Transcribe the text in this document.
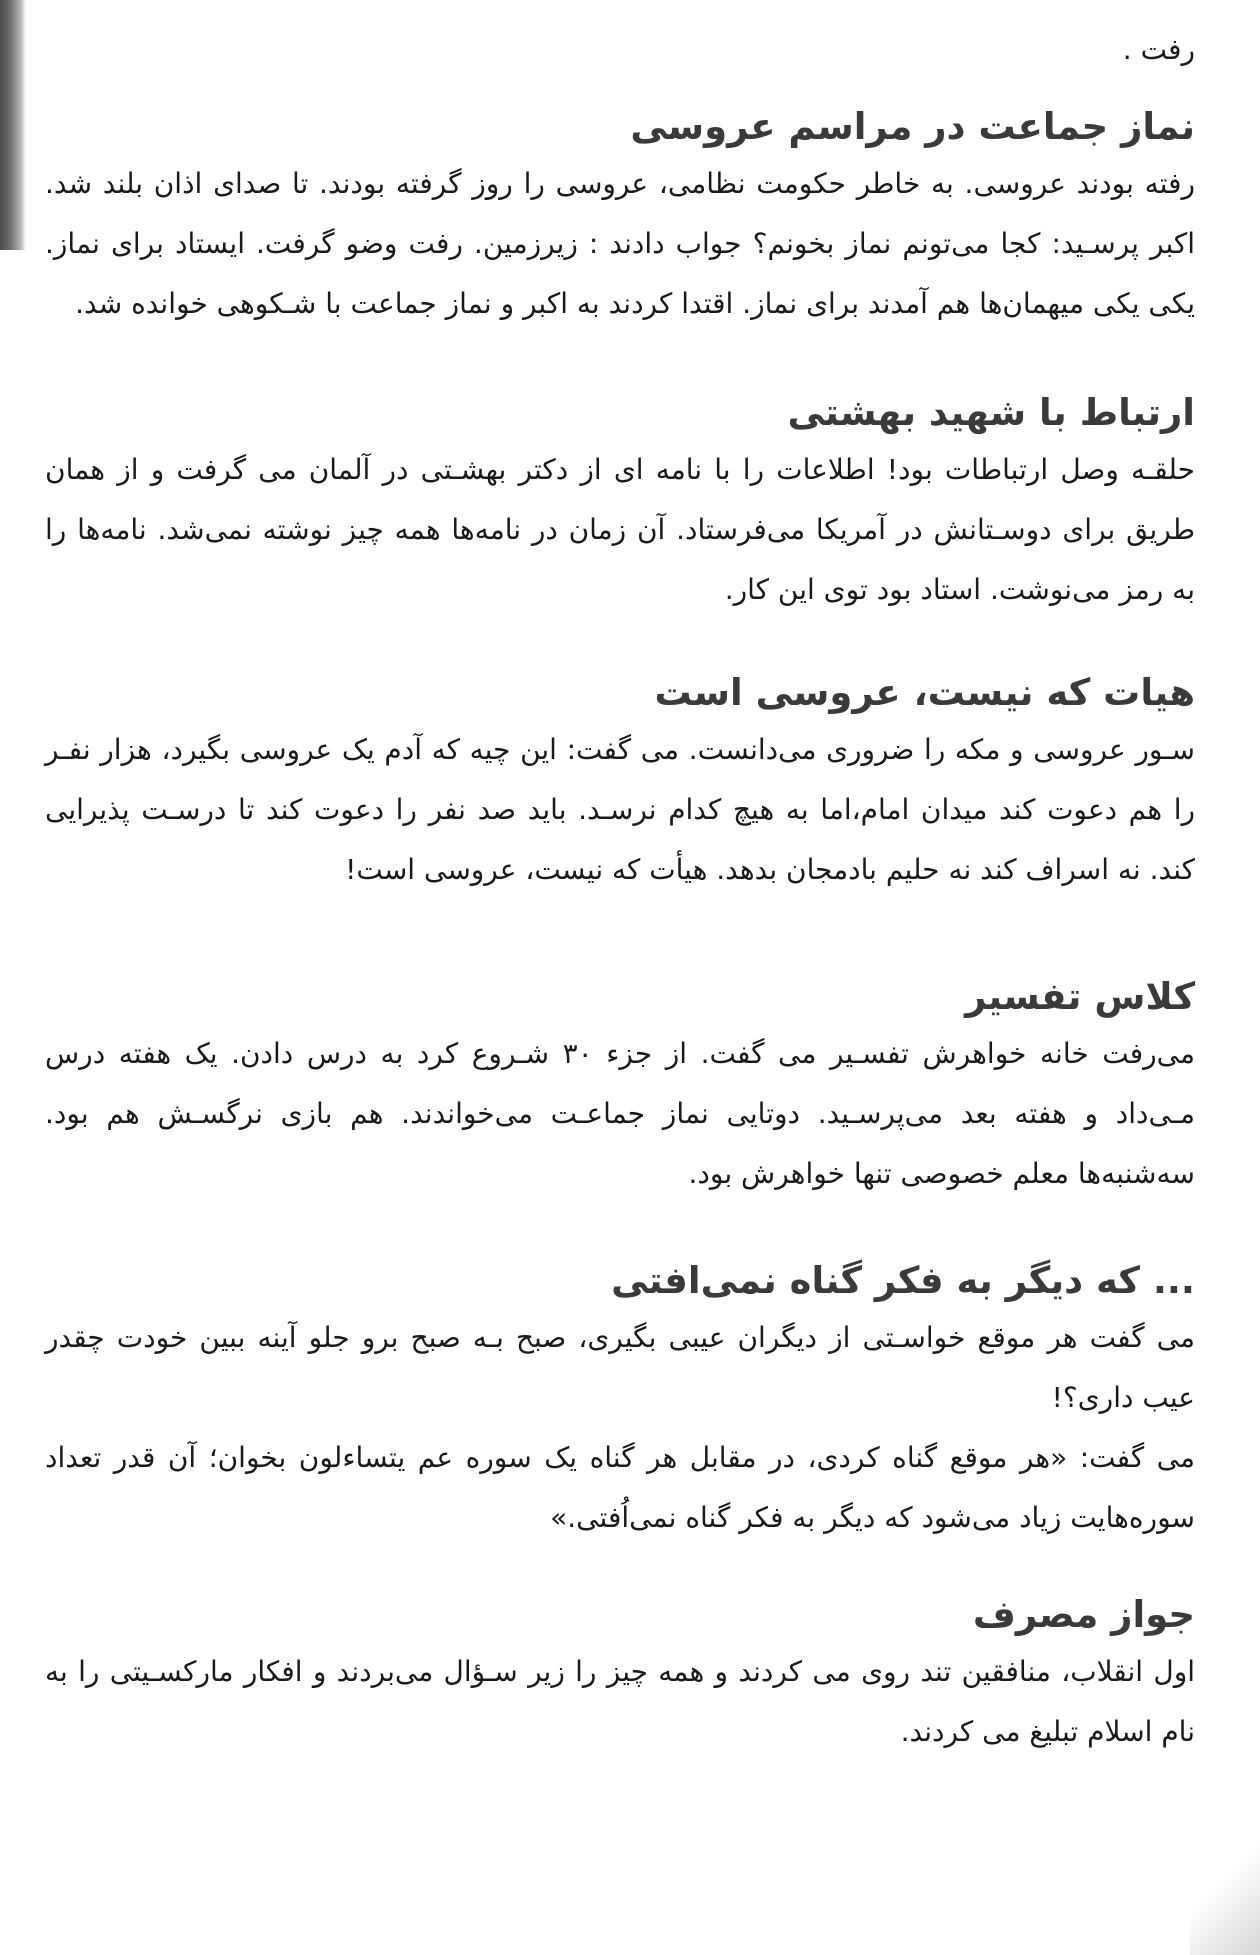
رفت .

نماز جماعت در مراسم عروسی

رفته بودند عروسی. به خاطر حکومت نظامی، عروسی را روز گرفته بودند. تا صدای اذان بلند شد. اکبر پرسـید: کجا می‌تونم نماز بخونم؟ جواب دادند : زیرزمین. رفت وضو گرفت. ایستاد برای نماز. یکی یکی میهمان‌ها هم آمدند برای نماز. اقتدا کردند به اکبر و نماز جماعت با شـکوهی خوانده شد.

ارتباط با شهید بهشتی

حلقـه وصل ارتباطات بود! اطلاعات را با نامه ای از دکتر بهشـتی در آلمان می گرفت و از همان طریق برای دوسـتانش در آمریکا می‌فرستاد. آن زمان در نامه‌ها همه چیز نوشته نمی‌شد. نامه‌ها را به رمز می‌نوشت. استاد بود توی این کار.

هیات که نیست، عروسی است

سـور عروسی و مکه را ضروری می‌دانست. می گفت: این چیه که آدم یک عروسی بگیرد، هزار نفـر را هم دعوت کند میدان امام،اما به هیچ کدام نرسـد. باید صد نفر را دعوت کند تا درسـت پذیرایی کند. نه اسراف کند نه حلیم بادمجان بدهد. هیأت که نیست، عروسی است!

کلاس تفسیر

می‌رفت خانه خواهرش تفسـیر می گفت. از جزء ۳۰ شـروع کرد به درس دادن. یک هفته درس مـی‌داد و هفته بعد می‌پرسـید. دوتایی نماز جماعـت می‌خواندند. هم بازی نرگسـش هم بود. سه‌شنبه‌ها معلم خصوصی تنها خواهرش بود.

... که دیگر به فکر گناه نمی‌افتی

می گفت هر موقع خواسـتی از دیگران عیبی بگیری، صبح بـه صبح برو جلو آینه ببین خودت چقدر عیب داری؟!

می گفت: «هر موقع گناه کردی، در مقابل هر گناه یک سوره عم یتساءلون بخوان؛ آن قدر تعداد سوره‌هایت زیاد می‌شود که دیگر به فکر گناه نمی‌اُفتی.»

جواز مصرف

اول انقلاب، منافقین تند روی می کردند و همه چیز را زیر سـؤال می‌بردند و افکار مارکسـیتی را به نام اسلام تبلیغ می کردند.
